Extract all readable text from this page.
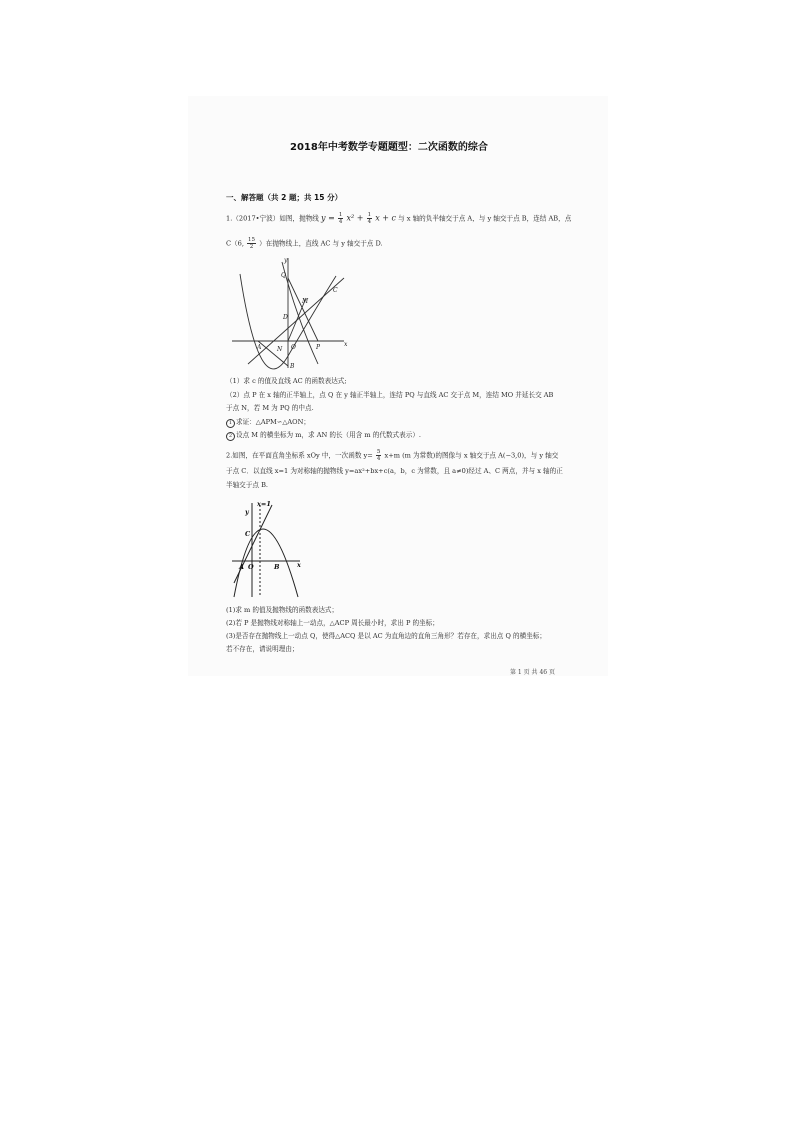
2018年中考数学专题题型：二次函数的综合
一、解答题（共 2 题；共 15 分）
1.（2017•宁波）如图，抛物线 $y = \frac{1}{4} x^2 + \frac{1}{4}$ x + c 与 x 轴的负半轴交于点 A，与 y 轴交于点 B，连结 AB，点
C（6, $\frac{15}{2}$ ）在抛物线上，直线 AC 与 y 轴交于点 D.
y
x
Q
C
M
D
A	N O	P
B
（1）求 c 的值及直线 AC 的函数表达式;
（2）点 P 在 x 轴的正半轴上，点 Q 在 y 轴正半轴上，连结 PQ 与直线 AC 交于点 M，连结 MO 并延长交 AB
于点 N，若 M 为 PQ 的中点.
1 求证：△APM∽△AON；
2 设点 M 的横坐标为 m，求 AN 的长（用含 m 的代数式表示）.
2.如图，在平面直角坐标系 xOy 中，一次函数 $y= \frac{5}{4} x+m$ (m 为常数)的图像与 x 轴交于点 A(−3,0)，与 y 轴交
于点 C．以直线 x=1 为对称轴的抛物线 y=ax²+bx+c(a，b，c 为常数，且 a≠0)经过 A、C 两点，并与 x 轴的正
半轴交于点 B.
x=1
y
x
C
A O	B
(1)求 m 的值及抛物线的函数表达式；
(2)若 P 是抛物线对称轴上一动点，△ACP 周长最小时，求出 P 的坐标；
(3)是否存在抛物线上一动点 Q，使得△ACQ 是以 AC 为直角边的直角三角形？若存在，求出点 Q 的横坐标；
若不存在，请说明理由；
第 1 页 共 46 页
